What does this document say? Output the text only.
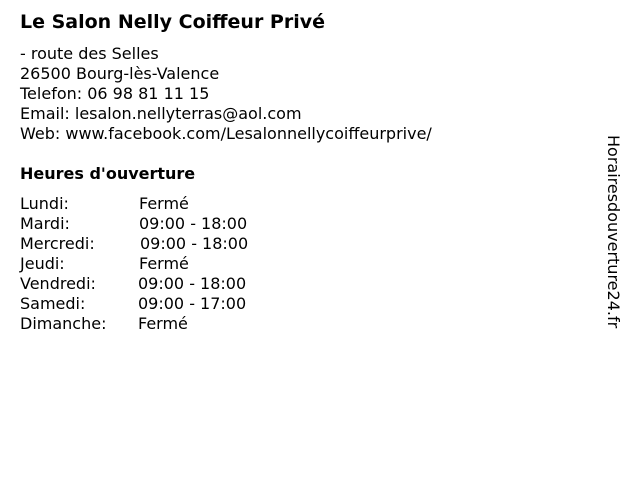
Le Salon Nelly Coiffeur Privé
- route des Selles
26500 Bourg-lès-Valence
Telefon: 06 98 81 11 15
Email: lesalon.nellyterras@aol.com
Web: www.facebook.com/Lesalonnellycoiffeurprive/
Heures d'ouverture
Lundi:	Fermé
Mardi:	09:00 - 18:00
Mercredi:	09:00 - 18:00
Jeudi:	Fermé
Vendredi:	09:00 - 18:00
Samedi:	09:00 - 17:00
Dimanche: Fermé	Horairesdouverture24.fr
